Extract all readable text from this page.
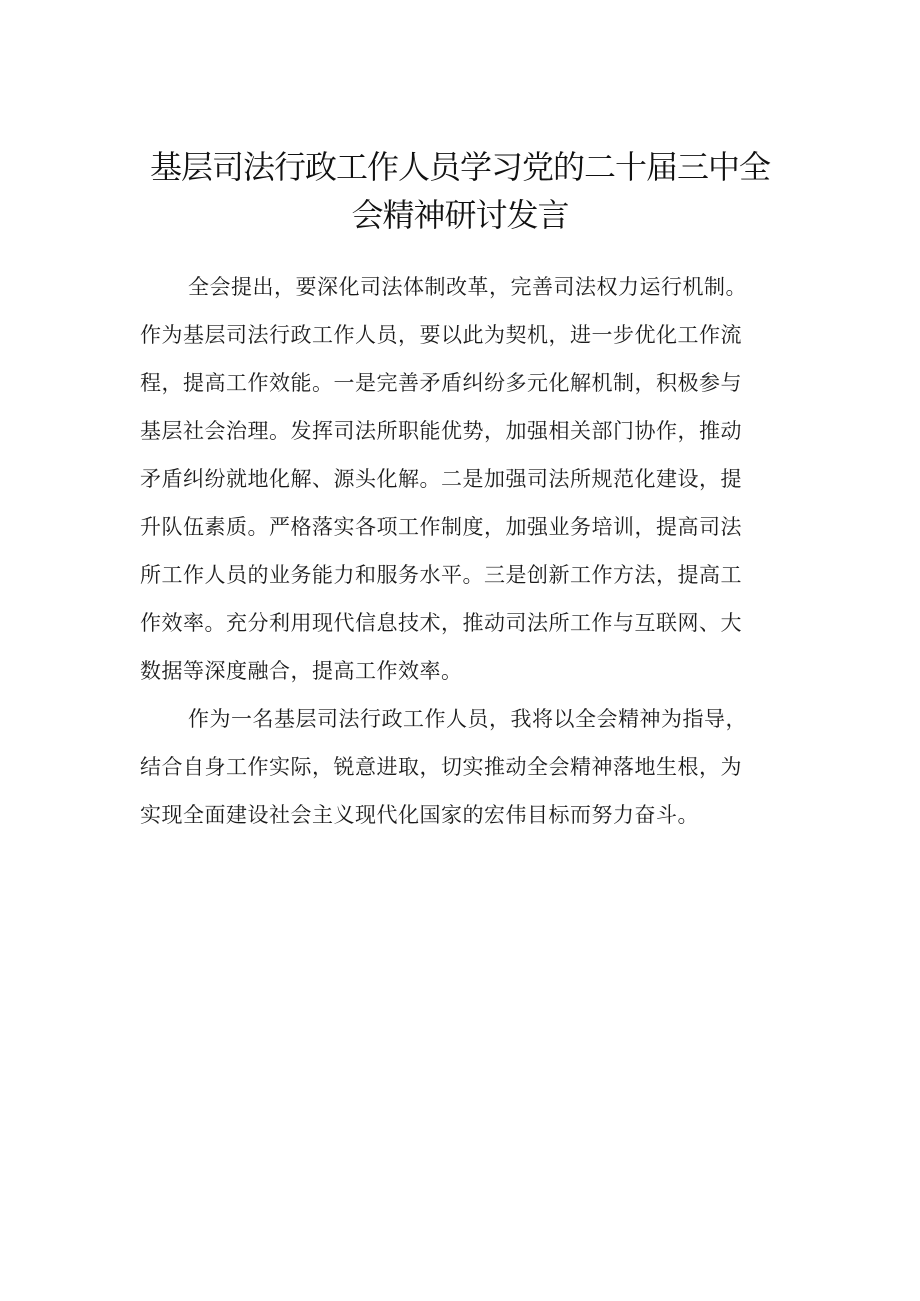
基层司法行政工作人员学习党的二十届三中全
会精神研讨发言
全会提出，要深化司法体制改革，完善司法权力运行机制。
作为基层司法行政工作人员，要以此为契机，进一步优化工作流
程，提高工作效能。一是完善矛盾纠纷多元化解机制，积极参与
基层社会治理。发挥司法所职能优势，加强相关部门协作，推动
矛盾纠纷就地化解、源头化解。二是加强司法所规范化建设，提
升队伍素质。严格落实各项工作制度，加强业务培训，提高司法
所工作人员的业务能力和服务水平。三是创新工作方法，提高工
作效率。充分利用现代信息技术，推动司法所工作与互联网、大
数据等深度融合，提高工作效率。
作为一名基层司法行政工作人员，我将以全会精神为指导，
结合自身工作实际，锐意进取，切实推动全会精神落地生根，为
实现全面建设社会主义现代化国家的宏伟目标而努力奋斗。
